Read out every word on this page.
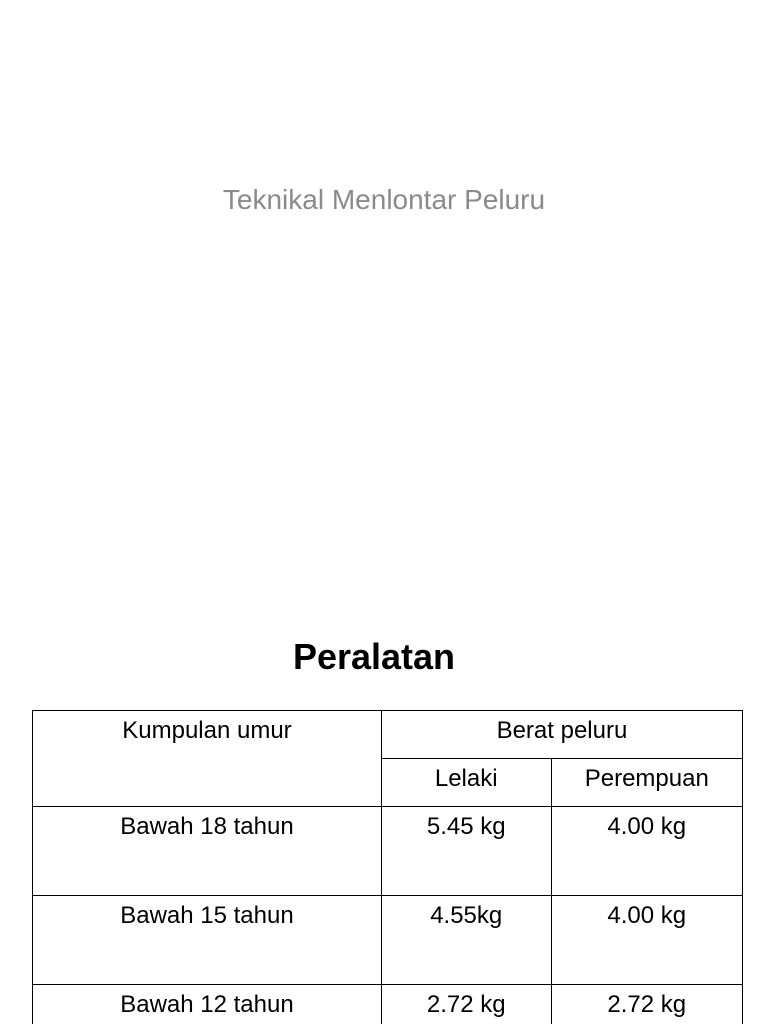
Teknikal Menlontar Peluru
Peralatan
Kumpulan umur	Berat peluru	
	Lelaki	Perempuan
Bawah 18 tahun	5.45 kg	4.00 kg
Bawah 15 tahun	4.55kg	4.00 kg
Bawah 12 tahun	2.72 kg	2.72 kg
